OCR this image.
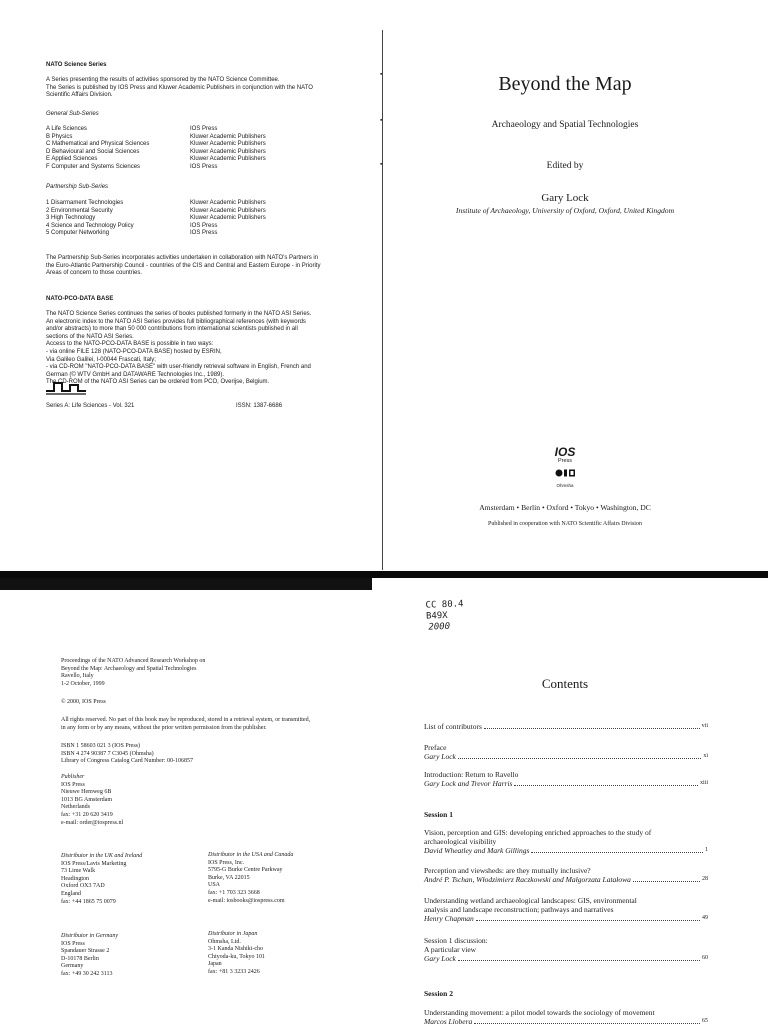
NATO Science Series
A Series presenting the results of activities sponsored by the NATO Science Committee.
The Series is published by IOS Press and Kluwer Academic Publishers in conjunction with the NATO
Scientific Affairs Division.
General Sub-Series
A Life Sciences	IOS Press
B Physics	Kluwer Academic Publishers
C Mathematical and Physical Sciences	Kluwer Academic Publishers
D Behavioural and Social Sciences	Kluwer Academic Publishers
E Applied Sciences	Kluwer Academic Publishers
F Computer and Systems Sciences	IOS Press
Partnership Sub-Series
1 Disarmament Technologies	Kluwer Academic Publishers
2 Environmental Security	Kluwer Academic Publishers
3 High Technology	Kluwer Academic Publishers
4 Science and Technology Policy	IOS Press
5 Computer Networking	IOS Press
The Partnership Sub-Series incorporates activities undertaken in collaboration with NATO's Partners in
the Euro-Atlantic Partnership Council - countries of the CIS and Central and Eastern Europe - in Priority
Areas of concern to those countries.
NATO-PCO-DATA BASE
The NATO Science Series continues the series of books published formerly in the NATO ASI Series.
An electronic index to the NATO ASI Series provides full bibliographical references (with keywords
and/or abstracts) to more than 50 000 contributions from international scientists published in all
sections of the NATO ASI Series.
Access to the NATO-PCO-DATA BASE is possible in two ways:
- via online FILE 128 (NATO-PCO-DATA BASE) hosted by ESRIN,
Via Galileo Galilei, I-00044 Frascati, Italy;
- via CD-ROM "NATO-PCO-DATA BASE" with user-friendly retrieval software in English, French and
German (© WTV GmbH and DATAWARE Technologies Inc., 1989).
The CD-ROM of the NATO ASI Series can be ordered from PCO, Overijse, Belgium.
Series A: Life Sciences - Vol. 321	ISSN: 1387-6686
Beyond the Map
Archaeology and Spatial Technologies
Edited by
Gary Lock
Institute of Archaeology, University of Oxford, Oxford, United Kingdom
IOS
Press
Ohmsha
Amsterdam • Berlin • Oxford • Tokyo • Washington, DC
Published in cooperation with NATO Scientific Affairs Division
▪
▪
▪
Proceedings of the NATO Advanced Research Workshop on
Beyond the Map: Archaeology and Spatial Technologies
Ravello, Italy
1-2 October, 1999
© 2000, IOS Press
All rights reserved. No part of this book may be reproduced, stored in a retrieval system, or transmitted,
in any form or by any means, without the prior written permission from the publisher.
ISBN 1 58603 021 3 (IOS Press)
ISBN 4 274 90387 7 C3045 (Ohmsha)
Library of Congress Catalog Card Number: 00-106857
Publisher
IOS Press
Nieuwe Hemweg 6B
1013 BG Amsterdam
Netherlands
fax: +31 20 620 3419
e-mail: order@iospress.nl
Distributor in the UK and Ireland
IOS Press/Lavis Marketing
73 Lime Walk
Headington
Oxford OX3 7AD
England
fax: +44 1865 75 0079
Distributor in the USA and Canada
IOS Press, Inc.
5795-G Burke Centre Parkway
Burke, VA 22015
USA
fax: +1 703 323 3668
e-mail: iosbooks@iospress.com
Distributor in Germany
IOS Press
Spandauer Strasse 2
D-10178 Berlin
Germany
fax: +49 30 242 3113
Distributor in Japan
Ohmsha, Ltd.
3-1 Kanda Nishiki-cho
Chiyoda-ku, Tokyo 101
Japan
fax: +81 3 3233 2426
CC 80.4
B49X
2000
Contents
List of contributors	vii
Preface
Gary Lock	xi
Introduction: Return to Ravello
Gary Lock and Trevor Harris	xiii
Session 1
Vision, perception and GIS: developing enriched approaches to the study of
archaeological visibility
David Wheatley and Mark Gillings	1
Perception and viewsheds: are they mutually inclusive?
André P. Tschan, Włodzimierz Raczkowski and Małgorzata Latałowa	28
Understanding wetland archaeological landscapes: GIS, environmental
analysis and landscape reconstruction; pathways and narratives
Henry Chapman	49
Session 1 discussion:
A particular view
Gary Lock	60
Session 2
Understanding movement: a pilot model towards the sociology of movement
Marcos Llobera	65
